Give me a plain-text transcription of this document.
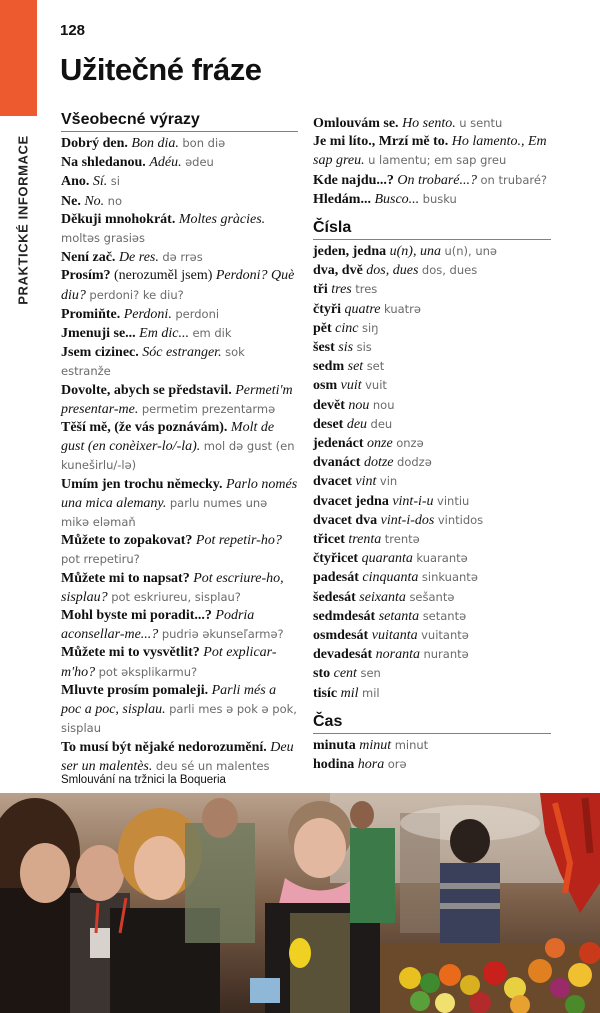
PRAKTICKÉ INFORMACE
128
Užitečné fráze
Všeobecné výrazy
Dobrý den. Bon dia. bon diə
Na shledanou. Adéu. ədeu
Ano. Sí. si
Ne. No. no
Děkuji mnohokrát. Moltes gràcies. moltəs grasiəs
Není zač. De res. də rrəs
Prosím? (nerozuměl jsem) Perdoni? Què diu? perdoni? ke diu?
Promiňte. Perdoni. perdoni
Jmenuji se... Em dic... em dik
Jsem cizinec. Sóc estranger. sok estranže
Dovolte, abych se představil. Permeti'm presentar-me. permetim prezentarmə
Těší mě, (že vás poznávám). Molt de gust (en conèixer-lo/-la). mol də gust (en kuneširlu/-lə)
Umím jen trochu německy. Parlo només una mica alemany. parlu numes unə mikə eləmaň
Můžete to zopakovat? Pot repetir-ho? pot rrepetiru?
Můžete mi to napsat? Pot escriure-ho, sisplau? pot eskriureu, sisplau?
Mohl byste mi poradit...? Podria aconsellar-me...? pudriə əkunseľarmə?
Můžete mi to vysvětlit? Pot explicar-m'ho? pot əksplikarmu?
Mluvte prosím pomaleji. Parli més a poc a poc, sisplau. parli mes ə pok ə pok, sisplau
To musí být nějaké nedorozumění. Deu ser un malentès. deu sé un malentes
Omlouvám se. Ho sento. u sentu
Je mi líto., Mrzí mě to. Ho lamento., Em sap greu. u lamentu; em sap greu
Kde najdu...? On trobaré...? on trubaré?
Hledám... Busco... busku
Čísla
jeden, jedna u(n), una u(n), unə
dva, dvě dos, dues dos, dues
tři tres tres
čtyři quatre kuatrə
pět cinc siŋ
šest sis sis
sedm set set
osm vuit vuit
devět nou nou
deset deu deu
jedenáct onze onzə
dvanáct dotze dodzə
dvacet vint vin
dvacet jedna vint-i-u vintiu
dvacet dva vint-i-dos vintidos
třicet trenta trentə
čtyřicet quaranta kuarantə
padesát cinquanta sinkuantə
šedesát seixanta sešantə
sedmdesát setanta setantə
osmdesát vuitanta vuitantə
devadesát noranta nurantə
sto cent sen
tisíc mil mil
Čas
minuta minut minut
hodina hora orə
Smlouvání na tržnici la Boqueria
